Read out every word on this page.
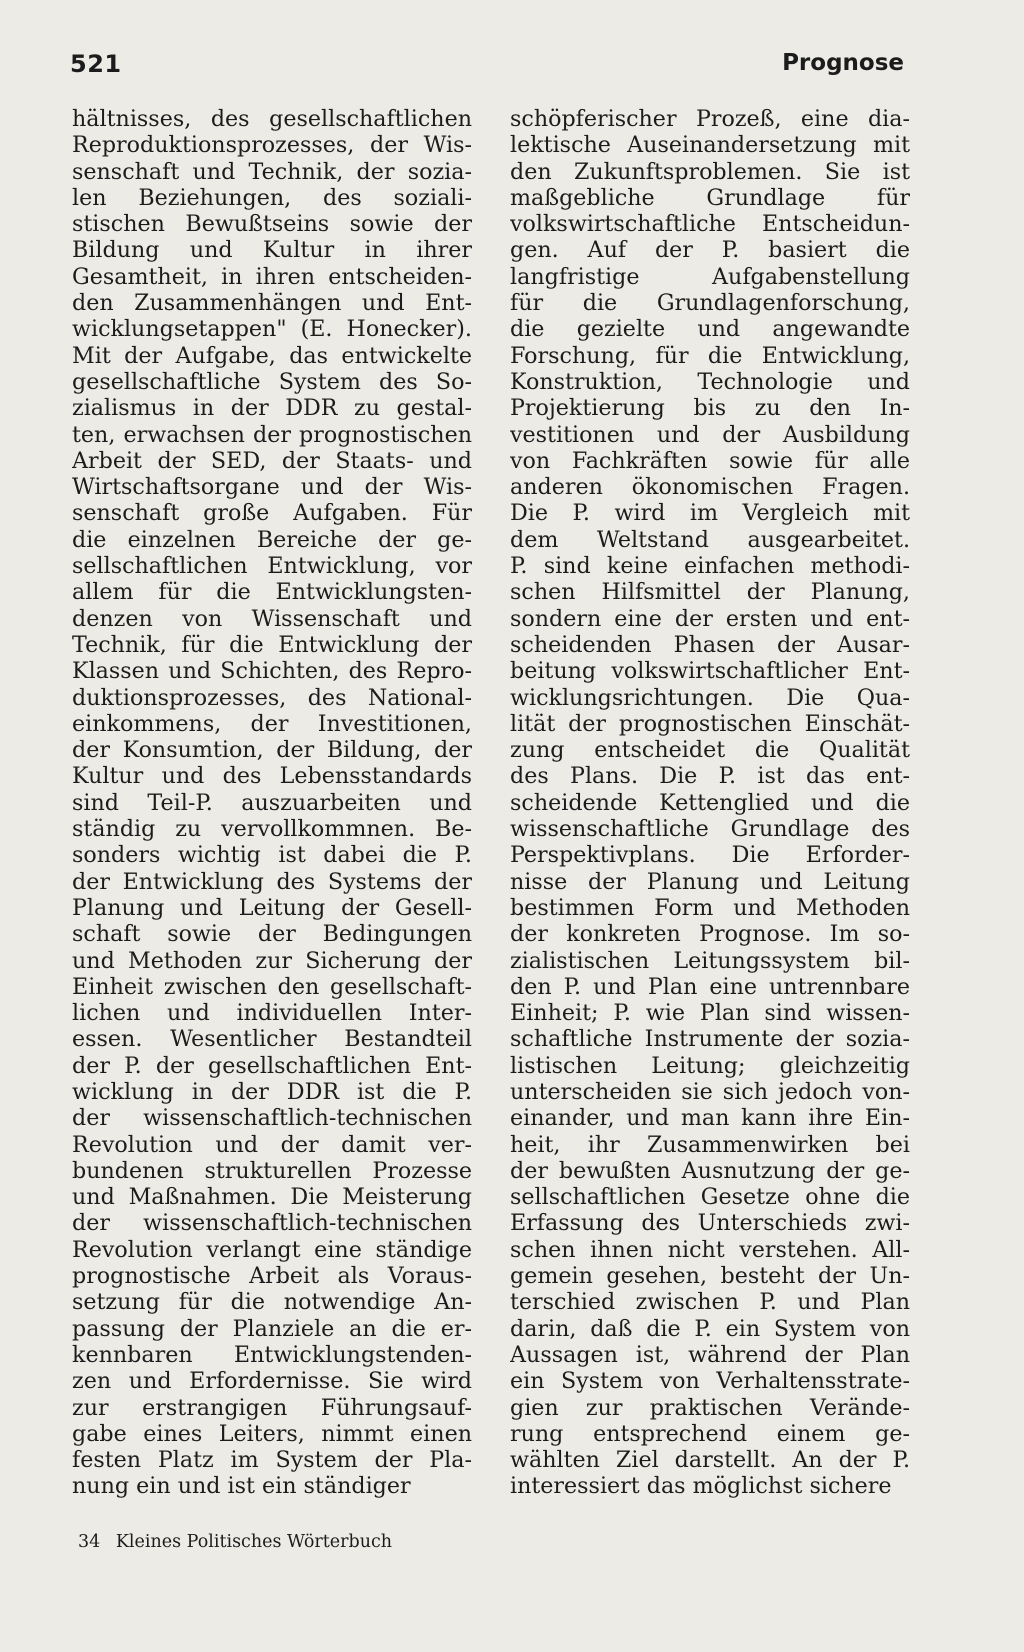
521	Prognose
hältnisses, des gesellschaftlichen
Reproduktionsprozesses, der Wis-
senschaft und Technik, der sozia-
len Beziehungen, des soziali-
stischen Bewußtseins sowie der
Bildung und Kultur in ihrer
Gesamtheit, in ihren entscheiden-
den Zusammenhängen und Ent-
wicklungsetappen" (E. Honecker).
Mit der Aufgabe, das entwickelte
gesellschaftliche System des So-
zialismus in der DDR zu gestal-
ten, erwachsen der prognostischen
Arbeit der SED, der Staats- und
Wirtschaftsorgane und der Wis-
senschaft große Aufgaben. Für
die einzelnen Bereiche der ge-
sellschaftlichen Entwicklung, vor
allem für die Entwicklungsten-
denzen von Wissenschaft und
Technik, für die Entwicklung der
Klassen und Schichten, des Repro-
duktionsprozesses, des National-
einkommens, der Investitionen,
der Konsumtion, der Bildung, der
Kultur und des Lebensstandards
sind Teil-P. auszuarbeiten und
ständig zu vervollkommnen. Be-
sonders wichtig ist dabei die P.
der Entwicklung des Systems der
Planung und Leitung der Gesell-
schaft sowie der Bedingungen
und Methoden zur Sicherung der
Einheit zwischen den gesellschaft-
lichen und individuellen Inter-
essen. Wesentlicher Bestandteil
der P. der gesellschaftlichen Ent-
wicklung in der DDR ist die P.
der wissenschaftlich-technischen
Revolution und der damit ver-
bundenen strukturellen Prozesse
und Maßnahmen. Die Meisterung
der wissenschaftlich-technischen
Revolution verlangt eine ständige
prognostische Arbeit als Voraus-
setzung für die notwendige An-
passung der Planziele an die er-
kennbaren Entwicklungstenden-
zen und Erfordernisse. Sie wird
zur erstrangigen Führungsauf-
gabe eines Leiters, nimmt einen
festen Platz im System der Pla-
nung ein und ist ein ständiger
schöpferischer Prozeß, eine dia-
lektische Auseinandersetzung mit
den Zukunftsproblemen. Sie ist
maßgebliche Grundlage für
volkswirtschaftliche Entscheidun-
gen. Auf der P. basiert die
langfristige Aufgabenstellung
für die Grundlagenforschung,
die gezielte und angewandte
Forschung, für die Entwicklung,
Konstruktion, Technologie und
Projektierung bis zu den In-
vestitionen und der Ausbildung
von Fachkräften sowie für alle
anderen ökonomischen Fragen.
Die P. wird im Vergleich mit
dem Weltstand ausgearbeitet.
P. sind keine einfachen methodi-
schen Hilfsmittel der Planung,
sondern eine der ersten und ent-
scheidenden Phasen der Ausar-
beitung volkswirtschaftlicher Ent-
wicklungsrichtungen. Die Qua-
lität der prognostischen Einschät-
zung entscheidet die Qualität
des Plans. Die P. ist das ent-
scheidende Kettenglied und die
wissenschaftliche Grundlage des
Perspektivplans. Die Erforder-
nisse der Planung und Leitung
bestimmen Form und Methoden
der konkreten Prognose. Im so-
zialistischen Leitungssystem bil-
den P. und Plan eine untrennbare
Einheit; P. wie Plan sind wissen-
schaftliche Instrumente der sozia-
listischen Leitung; gleichzeitig
unterscheiden sie sich jedoch von-
einander, und man kann ihre Ein-
heit, ihr Zusammenwirken bei
der bewußten Ausnutzung der ge-
sellschaftlichen Gesetze ohne die
Erfassung des Unterschieds zwi-
schen ihnen nicht verstehen. All-
gemein gesehen, besteht der Un-
terschied zwischen P. und Plan
darin, daß die P. ein System von
Aussagen ist, während der Plan
ein System von Verhaltensstrate-
gien zur praktischen Verände-
rung entsprechend einem ge-
wählten Ziel darstellt. An der P.
interessiert das möglichst sichere
34 Kleines Politisches Wörterbuch
